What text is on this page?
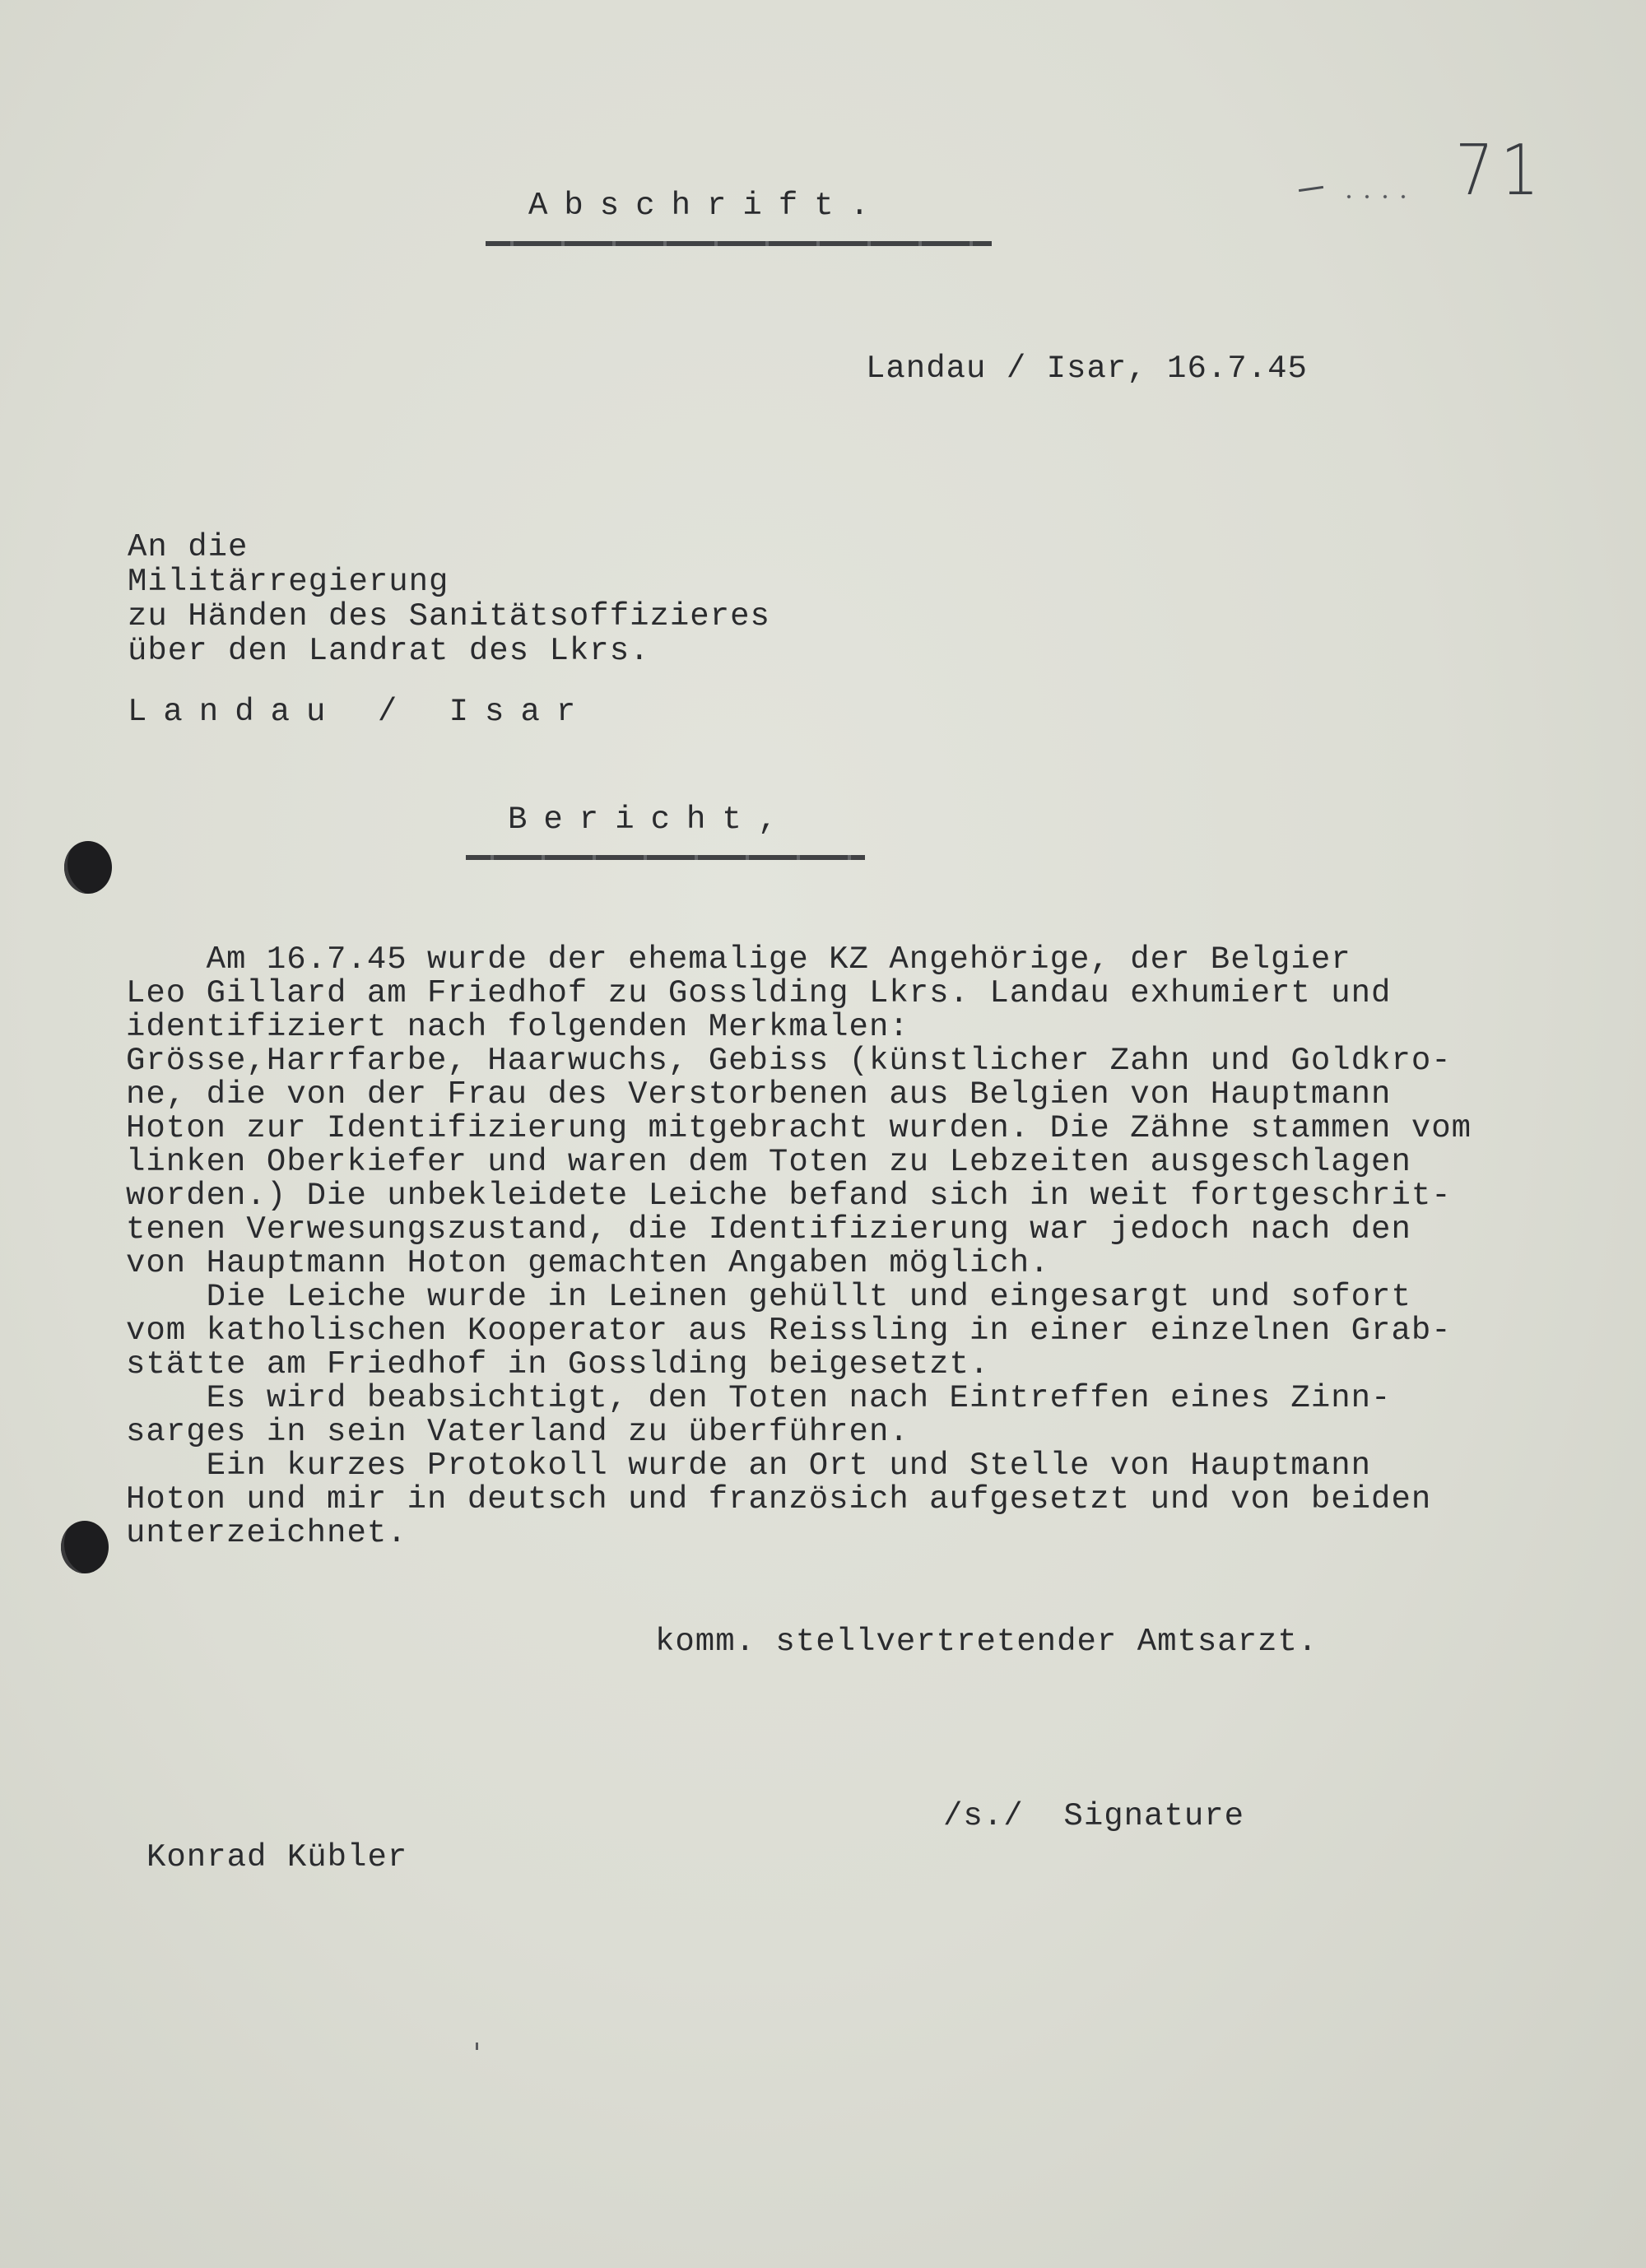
71

Abschrift.

Landau / Isar, 16.7.45

An die

Militärregierung

zu Händen des Sanitätsoffizieres

über den Landrat des Lkrs.

Landau / Isar

Bericht,

Am 16.7.45 wurde der ehemalige KZ Angehörige, der Belgier

Leo Gillard am Friedhof zu Gosslding Lkrs. Landau exhumiert und

identifiziert nach folgenden Merkmalen:

Grösse,Harrfarbe, Haarwuchs, Gebiss (künstlicher Zahn und Goldkro-

ne, die von der Frau des Verstorbenen aus Belgien von Hauptmann

Hoton zur Identifizierung mitgebracht wurden. Die Zähne stammen vom

linken Oberkiefer und waren dem Toten zu Lebzeiten ausgeschlagen

worden.) Die unbekleidete Leiche befand sich in weit fortgeschrit-

tenen Verwesungszustand, die Identifizierung war jedoch nach den

von Hauptmann Hoton gemachten Angaben möglich.

Die Leiche wurde in Leinen gehüllt und eingesargt und sofort

vom katholischen Kooperator aus Reissling in einer einzelnen Grab-

stätte am Friedhof in Gosslding beigesetzt.

Es wird beabsichtigt, den Toten nach Eintreffen eines Zinn-

sarges in sein Vaterland zu überführen.

Ein kurzes Protokoll wurde an Ort und Stelle von Hauptmann

Hoton und mir in deutsch und französich aufgesetzt und von beiden

unterzeichnet.

komm. stellvertretender Amtsarzt.

/s./  Signature

Konrad Kübler
